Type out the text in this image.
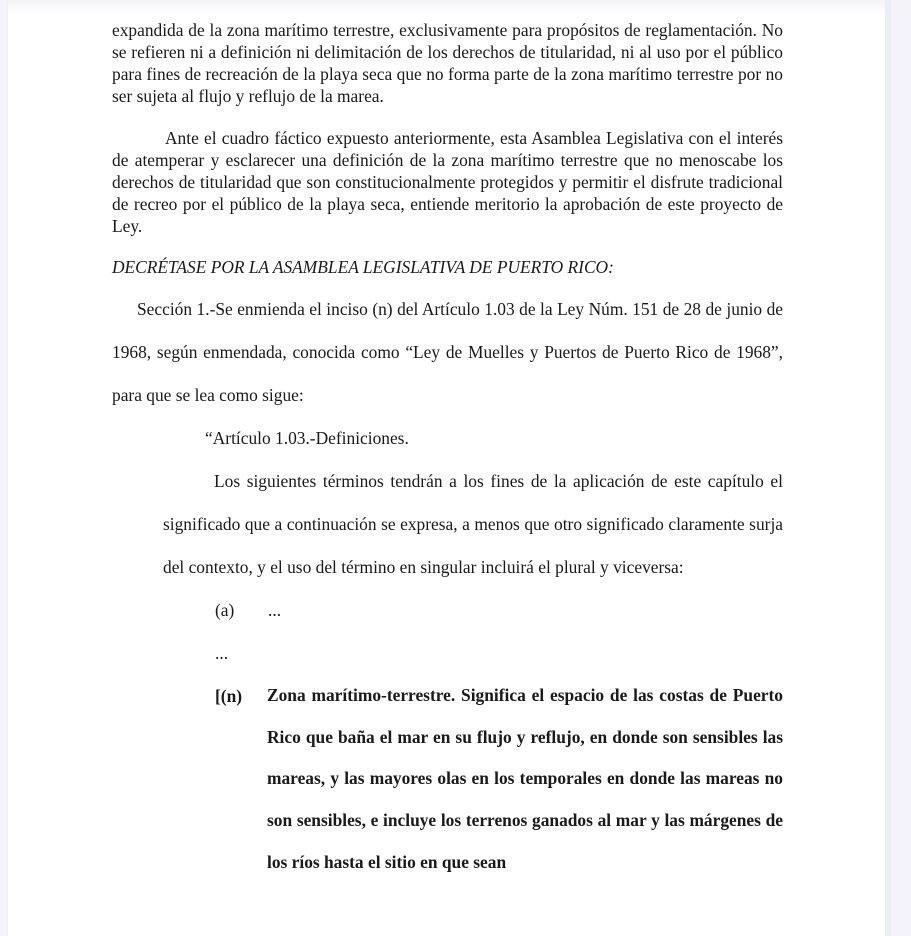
expandida de la zona marítimo terrestre, exclusivamente para propósitos de reglamentación. No se refieren ni a definición ni delimitación de los derechos de titularidad, ni al uso por el público para fines de recreación de la playa seca que no forma parte de la zona marítimo terrestre por no ser sujeta al flujo y reflujo de la marea.

Ante el cuadro fáctico expuesto anteriormente, esta Asamblea Legislativa con el interés de atemperar y esclarecer una definición de la zona marítimo terrestre que no menoscabe los derechos de titularidad que son constitucionalmente protegidos y permitir el disfrute tradicional de recreo por el público de la playa seca, entiende meritorio la aprobación de este proyecto de Ley.

DECRÉTASE POR LA ASAMBLEA LEGISLATIVA DE PUERTO RICO:

Sección 1.-Se enmienda el inciso (n) del Artículo 1.03 de la Ley Núm. 151 de 28 de junio de 1968, según enmendada, conocida como “Ley de Muelles y Puertos de Puerto Rico de 1968”, para que se lea como sigue:

“Artículo 1.03.-Definiciones.

Los siguientes términos tendrán a los fines de la aplicación de este capítulo el significado que a continuación se expresa, a menos que otro significado claramente surja del contexto, y el uso del término en singular incluirá el plural y viceversa:

(a)	...

...

[(n)	Zona marítimo-terrestre. Significa el espacio de las costas de Puerto Rico que baña el mar en su flujo y reflujo, en donde son sensibles las mareas, y las mayores olas en los temporales en donde las mareas no son sensibles, e incluye los terrenos ganados al mar y las márgenes de los ríos hasta el sitio en que sean
